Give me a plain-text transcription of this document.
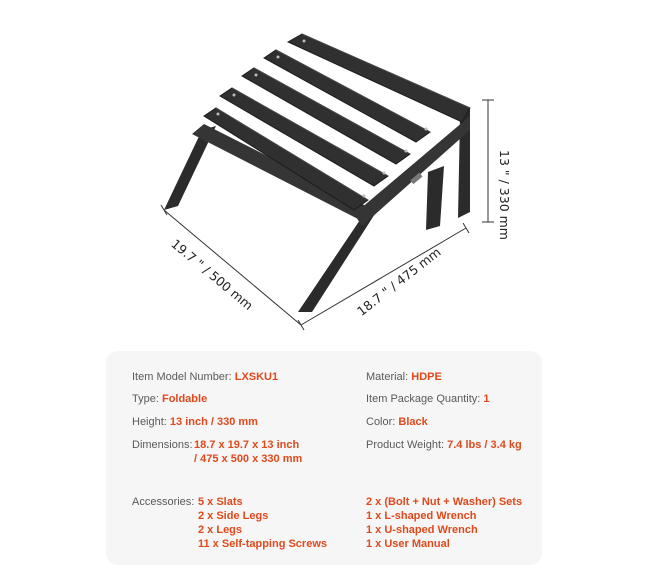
13 " / 330 mm
19.7 " / 500 mm	18.7 " / 475 mm
Item Model Number: LXSKU1
Type: Foldable
Height: 13 inch / 330 mm
Dimensions: 18.7 x 19.7 x 13 inch
/ 475 x 500 x 330 mm
Material: HDPE
Item Package Quantity: 1
Color: Black
Product Weight: 7.4 lbs / 3.4 kg
Accessories: 5 x Slats
2 x Side Legs
2 x Legs
11 x Self-tapping Screws
2 x (Bolt + Nut + Washer) Sets
1 x L-shaped Wrench
1 x U-shaped Wrench
1 x User Manual
